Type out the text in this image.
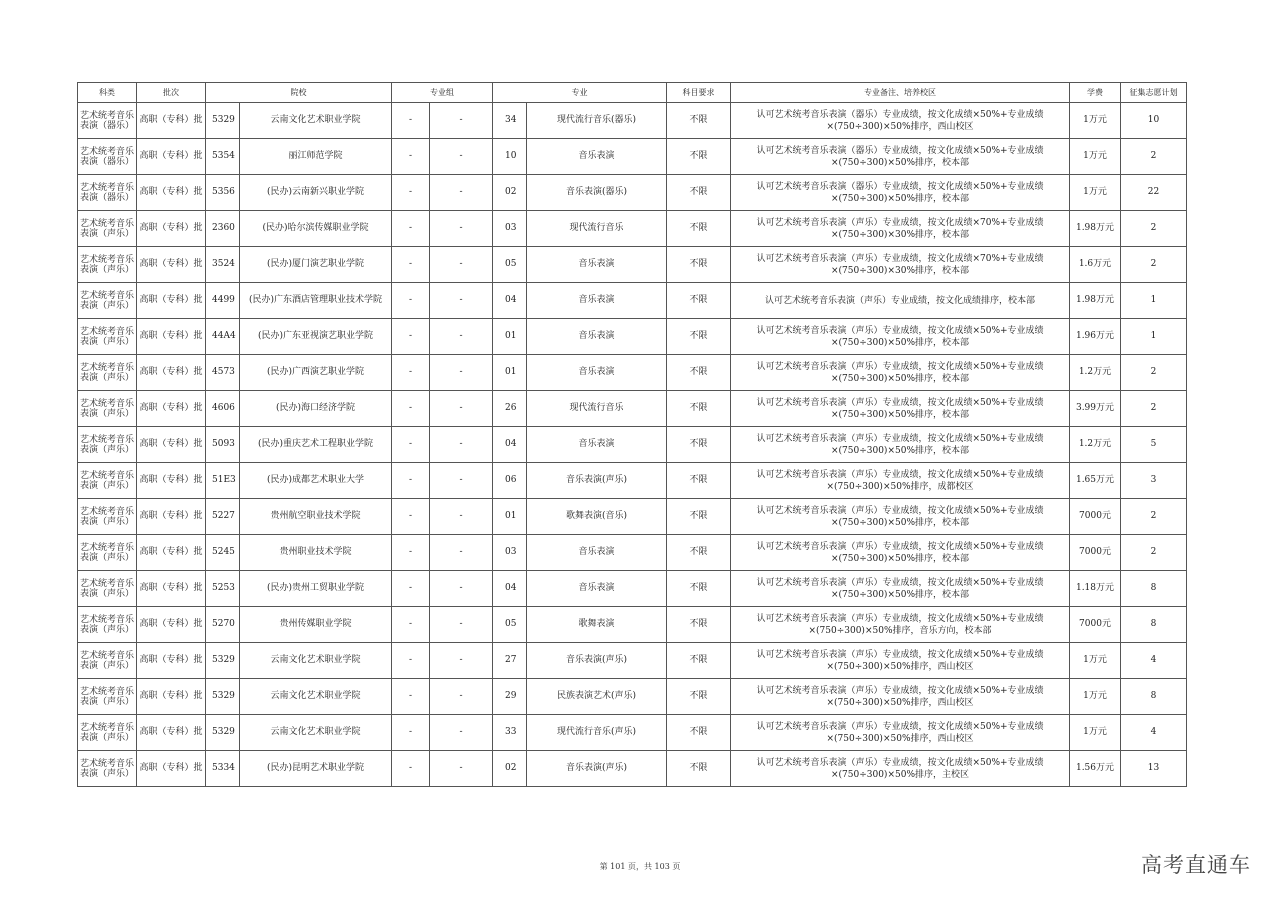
科类	批次	院校		专业组		专业		科目要求	专业备注、培养校区	学费	征集志愿计划
艺术统考音乐表演（器乐）	高职（专科）批	5329	云南文化艺术职业学院	-	-	34	现代流行音乐(器乐)	不限	认可艺术统考音乐表演（器乐）专业成绩，按文化成绩×50%+专业成绩×(750÷300)×50%排序，西山校区	1万元	10
艺术统考音乐表演（器乐）	高职（专科）批	5354	丽江师范学院	-	-	10	音乐表演	不限	认可艺术统考音乐表演（器乐）专业成绩，按文化成绩×50%+专业成绩×(750÷300)×50%排序，校本部	1万元	2
艺术统考音乐表演（器乐）	高职（专科）批	5356	(民办)云南新兴职业学院	-	-	02	音乐表演(器乐)	不限	认可艺术统考音乐表演（器乐）专业成绩，按文化成绩×50%+专业成绩×(750÷300)×50%排序，校本部	1万元	22
艺术统考音乐表演（声乐）	高职（专科）批	2360	(民办)哈尔滨传媒职业学院	-	-	03	现代流行音乐	不限	认可艺术统考音乐表演（声乐）专业成绩，按文化成绩×70%+专业成绩×(750÷300)×30%排序，校本部	1.98万元	2
艺术统考音乐表演（声乐）	高职（专科）批	3524	(民办)厦门演艺职业学院	-	-	05	音乐表演	不限	认可艺术统考音乐表演（声乐）专业成绩，按文化成绩×70%+专业成绩×(750÷300)×30%排序，校本部	1.6万元	2
艺术统考音乐表演（声乐）	高职（专科）批	4499	(民办)广东酒店管理职业技术学院	-	-	04	音乐表演	不限	认可艺术统考音乐表演（声乐）专业成绩，按文化成绩排序，校本部	1.98万元	1
艺术统考音乐表演（声乐）	高职（专科）批	44A4	(民办)广东亚视演艺职业学院	-	-	01	音乐表演	不限	认可艺术统考音乐表演（声乐）专业成绩，按文化成绩×50%+专业成绩×(750÷300)×50%排序，校本部	1.96万元	1
艺术统考音乐表演（声乐）	高职（专科）批	4573	(民办)广西演艺职业学院	-	-	01	音乐表演	不限	认可艺术统考音乐表演（声乐）专业成绩，按文化成绩×50%+专业成绩×(750÷300)×50%排序，校本部	1.2万元	2
艺术统考音乐表演（声乐）	高职（专科）批	4606	(民办)海口经济学院	-	-	26	现代流行音乐	不限	认可艺术统考音乐表演（声乐）专业成绩，按文化成绩×50%+专业成绩×(750÷300)×50%排序，校本部	3.99万元	2
艺术统考音乐表演（声乐）	高职（专科）批	5093	(民办)重庆艺术工程职业学院	-	-	04	音乐表演	不限	认可艺术统考音乐表演（声乐）专业成绩，按文化成绩×50%+专业成绩×(750÷300)×50%排序，校本部	1.2万元	5
艺术统考音乐表演（声乐）	高职（专科）批	51E3	(民办)成都艺术职业大学	-	-	06	音乐表演(声乐)	不限	认可艺术统考音乐表演（声乐）专业成绩，按文化成绩×50%+专业成绩×(750÷300)×50%排序，成都校区	1.65万元	3
艺术统考音乐表演（声乐）	高职（专科）批	5227	贵州航空职业技术学院	-	-	01	歌舞表演(音乐)	不限	认可艺术统考音乐表演（声乐）专业成绩，按文化成绩×50%+专业成绩×(750÷300)×50%排序，校本部	7000元	2
艺术统考音乐表演（声乐）	高职（专科）批	5245	贵州职业技术学院	-	-	03	音乐表演	不限	认可艺术统考音乐表演（声乐）专业成绩，按文化成绩×50%+专业成绩×(750÷300)×50%排序，校本部	7000元	2
艺术统考音乐表演（声乐）	高职（专科）批	5253	(民办)贵州工贸职业学院	-	-	04	音乐表演	不限	认可艺术统考音乐表演（声乐）专业成绩，按文化成绩×50%+专业成绩×(750÷300)×50%排序，校本部	1.18万元	8
艺术统考音乐表演（声乐）	高职（专科）批	5270	贵州传媒职业学院	-	-	05	歌舞表演	不限	认可艺术统考音乐表演（声乐）专业成绩，按文化成绩×50%+专业成绩×(750÷300)×50%排序，音乐方向，校本部	7000元	8
艺术统考音乐表演（声乐）	高职（专科）批	5329	云南文化艺术职业学院	-	-	27	音乐表演(声乐)	不限	认可艺术统考音乐表演（声乐）专业成绩，按文化成绩×50%+专业成绩×(750÷300)×50%排序，西山校区	1万元	4
艺术统考音乐表演（声乐）	高职（专科）批	5329	云南文化艺术职业学院	-	-	29	民族表演艺术(声乐)	不限	认可艺术统考音乐表演（声乐）专业成绩，按文化成绩×50%+专业成绩×(750÷300)×50%排序，西山校区	1万元	8
艺术统考音乐表演（声乐）	高职（专科）批	5329	云南文化艺术职业学院	-	-	33	现代流行音乐(声乐)	不限	认可艺术统考音乐表演（声乐）专业成绩，按文化成绩×50%+专业成绩×(750÷300)×50%排序，西山校区	1万元	4
艺术统考音乐表演（声乐）	高职（专科）批	5334	(民办)昆明艺术职业学院	-	-	02	音乐表演(声乐)	不限	认可艺术统考音乐表演（声乐）专业成绩，按文化成绩×50%+专业成绩×(750÷300)×50%排序，主校区	1.56万元	13
第 101 页，共 103 页	高考直通车
